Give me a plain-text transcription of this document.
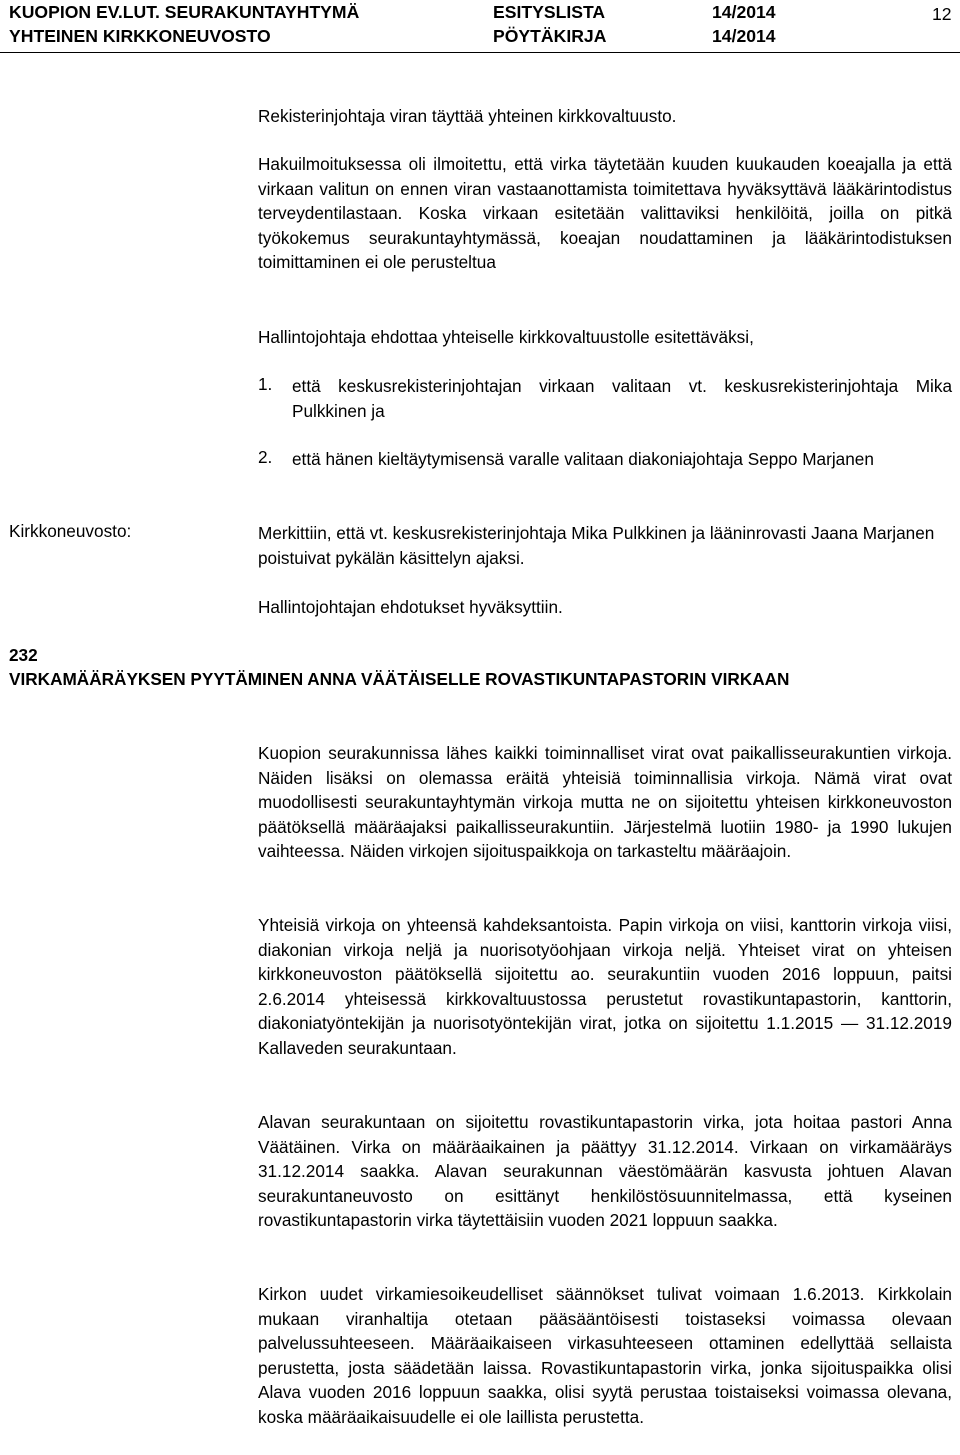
KUOPION EV.LUT. SEURAKUNTAYHTYMÄ
YHTEINEN KIRKKONEUVOSTO
ESITYSLISTA
PÖYTÄKIRJA
14/2014
14/2014
12

Rekisterinjohtaja viran täyttää yhteinen kirkkovaltuusto.

Hakuilmoituksessa oli ilmoitettu, että virka täytetään kuuden kuukauden koeajalla ja että virkaan valitun on ennen viran vastaanottamista toimitettava hyväksyttävä lääkärintodistus terveydentilastaan. Koska virkaan esitetään valittaviksi henkilöitä, joilla on pitkä työkokemus seurakuntayhtymässä, koeajan noudattaminen ja lääkärintodistuksen toimittaminen ei ole perusteltua

Hallintojohtaja ehdottaa yhteiselle kirkkovaltuustolle esitettäväksi,

1. että keskusrekisterinjohtajan virkaan valitaan vt. keskusrekisterinjohtaja Mika Pulkkinen ja

2. että hänen kieltäytymisensä varalle valitaan diakoniajohtaja Seppo Marjanen

Kirkkoneuvosto:	Merkittiin, että vt. keskusrekisterinjohtaja Mika Pulkkinen ja lääninrovasti Jaana Marjanen poistuivat pykälän käsittelyn ajaksi.

Hallintojohtajan ehdotukset hyväksyttiin.

232

VIRKAMÄÄRÄYKSEN PYYTÄMINEN ANNA VÄÄTÄISELLE ROVASTIKUNTAPASTORIN VIRKAAN

Kuopion seurakunnissa lähes kaikki toiminnalliset virat ovat paikallisseurakuntien virkoja. Näiden lisäksi on olemassa eräitä yhteisiä toiminnallisia virkoja. Nämä virat ovat muodollisesti seurakuntayhtymän virkoja mutta ne on sijoitettu yhteisen kirkkoneuvoston päätöksellä määräajaksi paikallisseurakuntiin. Järjestelmä luotiin 1980- ja 1990 lukujen vaihteessa. Näiden virkojen sijoituspaikkoja on tarkasteltu määräajoin.

Yhteisiä virkoja on yhteensä kahdeksantoista. Papin virkoja on viisi, kanttorin virkoja viisi, diakonian virkoja neljä ja nuorisotyöohjaan virkoja neljä. Yhteiset virat on yhteisen kirkkoneuvoston päätöksellä sijoitettu ao. seurakuntiin vuoden 2016 loppuun, paitsi 2.6.2014 yhteisessä kirkkovaltuustossa perustetut rovastikuntapastorin, kanttorin, diakoniatyöntekijän ja nuorisotyöntekijän virat, jotka on sijoitettu 1.1.2015 — 31.12.2019 Kallaveden seurakuntaan.

Alavan seurakuntaan on sijoitettu rovastikuntapastorin virka, jota hoitaa pastori Anna Väätäinen. Virka on määräaikainen ja päättyy 31.12.2014. Virkaan on virkamääräys 31.12.2014 saakka. Alavan seurakunnan väestömäärän kasvusta johtuen Alavan seurakuntaneuvosto on esittänyt henkilöstösuunnitelmassa, että kyseinen rovastikuntapastorin virka täytettäisiin vuoden 2021 loppuun saakka.

Kirkon uudet virkamiesoikeudelliset säännökset tulivat voimaan 1.6.2013. Kirkkolain mukaan viranhaltija otetaan pääsääntöisesti toistaseksi voimassa olevaan palvelussuhteeseen. Määräaikaiseen virkasuhteeseen ottaminen edellyttää sellaista perustetta, josta säädetään laissa. Rovastikuntapastorin virka, jonka sijoituspaikka olisi Alava vuoden 2016 loppuun saakka, olisi syytä perustaa toistaiseksi voimassa olevana, koska määräaikaisuudelle ei ole laillista perustetta.
